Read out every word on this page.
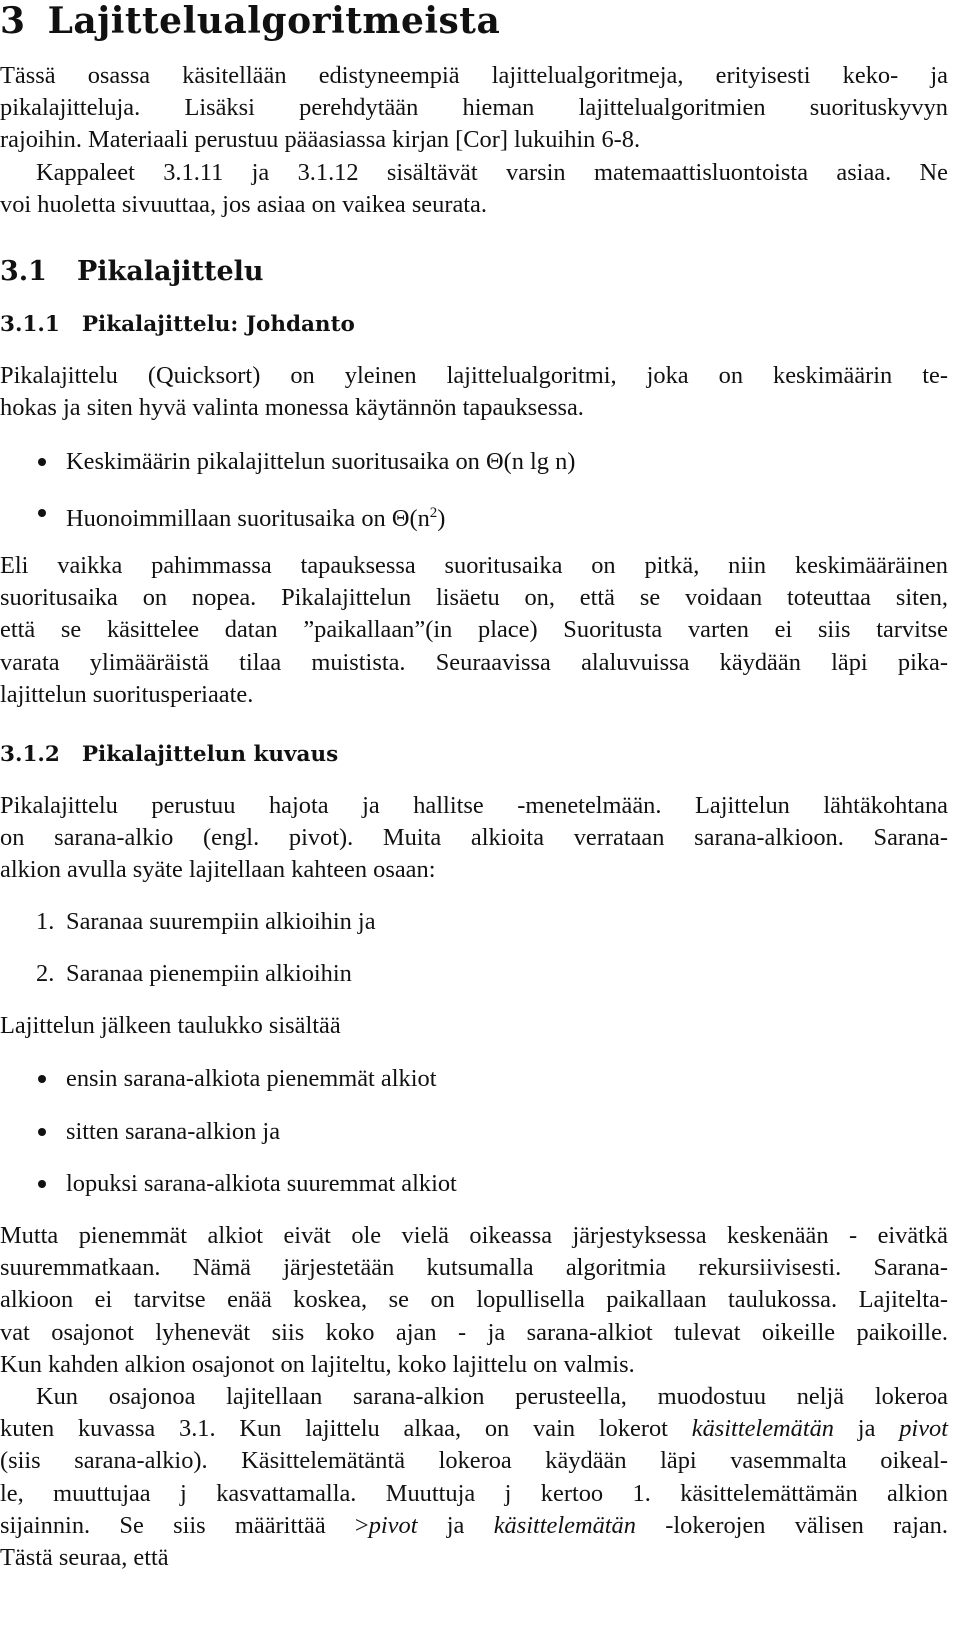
3 Lajittelualgoritmeista
Tässä osassa käsitellään edistyneempiä lajittelualgoritmeja, erityisesti keko- ja
pikalajitteluja. Lisäksi perehdytään hieman lajittelualgoritmien suorituskyvyn
rajoihin. Materiaali perustuu pääasiassa kirjan [Cor] lukuihin 6-8.
Kappaleet 3.1.11 ja 3.1.12 sisältävät varsin matemaattisluontoista asiaa. Ne
voi huoletta sivuuttaa, jos asiaa on vaikea seurata.
3.1 Pikalajittelu
3.1.1 Pikalajittelu: Johdanto
Pikalajittelu (Quicksort) on yleinen lajittelualgoritmi, joka on keskimäärin te-
hokas ja siten hyvä valinta monessa käytännön tapauksessa.
Keskimäärin pikalajittelun suoritusaika on Θ(n lg n)
Huonoimmillaan suoritusaika on $\Theta(n^2)$
Eli vaikka pahimmassa tapauksessa suoritusaika on pitkä, niin keskimääräinen
suoritusaika on nopea. Pikalajittelun lisäetu on, että se voidaan toteuttaa siten,
että se käsittelee datan ”paikallaan”(in place) Suoritusta varten ei siis tarvitse
varata ylimääräistä tilaa muistista. Seuraavissa alaluvuissa käydään läpi pika-
lajittelun suoritusperiaate.
3.1.2 Pikalajittelun kuvaus
Pikalajittelu perustuu hajota ja hallitse -menetelmään. Lajittelun lähtäkohtana
on sarana-alkio (engl. pivot). Muita alkioita verrataan sarana-alkioon. Sarana-
alkion avulla syäte lajitellaan kahteen osaan:
1. Saranaa suurempiin alkioihin ja
2. Saranaa pienempiin alkioihin
Lajittelun jälkeen taulukko sisältää
ensin sarana-alkiota pienemmät alkiot
sitten sarana-alkion ja
lopuksi sarana-alkiota suuremmat alkiot
Mutta pienemmät alkiot eivät ole vielä oikeassa järjestyksessa keskenään - eivätkä
suuremmatkaan. Nämä järjestetään kutsumalla algoritmia rekursiivisesti. Sarana-
alkioon ei tarvitse enää koskea, se on lopullisella paikallaan taulukossa. Lajitelta-
vat osajonot lyhenevät siis koko ajan - ja sarana-alkiot tulevat oikeille paikoille.
Kun kahden alkion osajonot on lajiteltu, koko lajittelu on valmis.
Kun osajonoa lajitellaan sarana-alkion perusteella, muodostuu neljä lokeroa
kuten kuvassa 3.1. Kun lajittelu alkaa, on vain lokerot käsittelemätän ja pivot
(siis sarana-alkio). Käsittelemätäntä lokeroa käydään läpi vasemmalta oikeal-
le, muuttujaa j kasvattamalla. Muuttuja j kertoo 1. käsittelemättämän alkion
sijainnin. Se siis määrittää >pivot ja käsittelemätän -lokerojen välisen rajan.
Tästä seuraa, että
